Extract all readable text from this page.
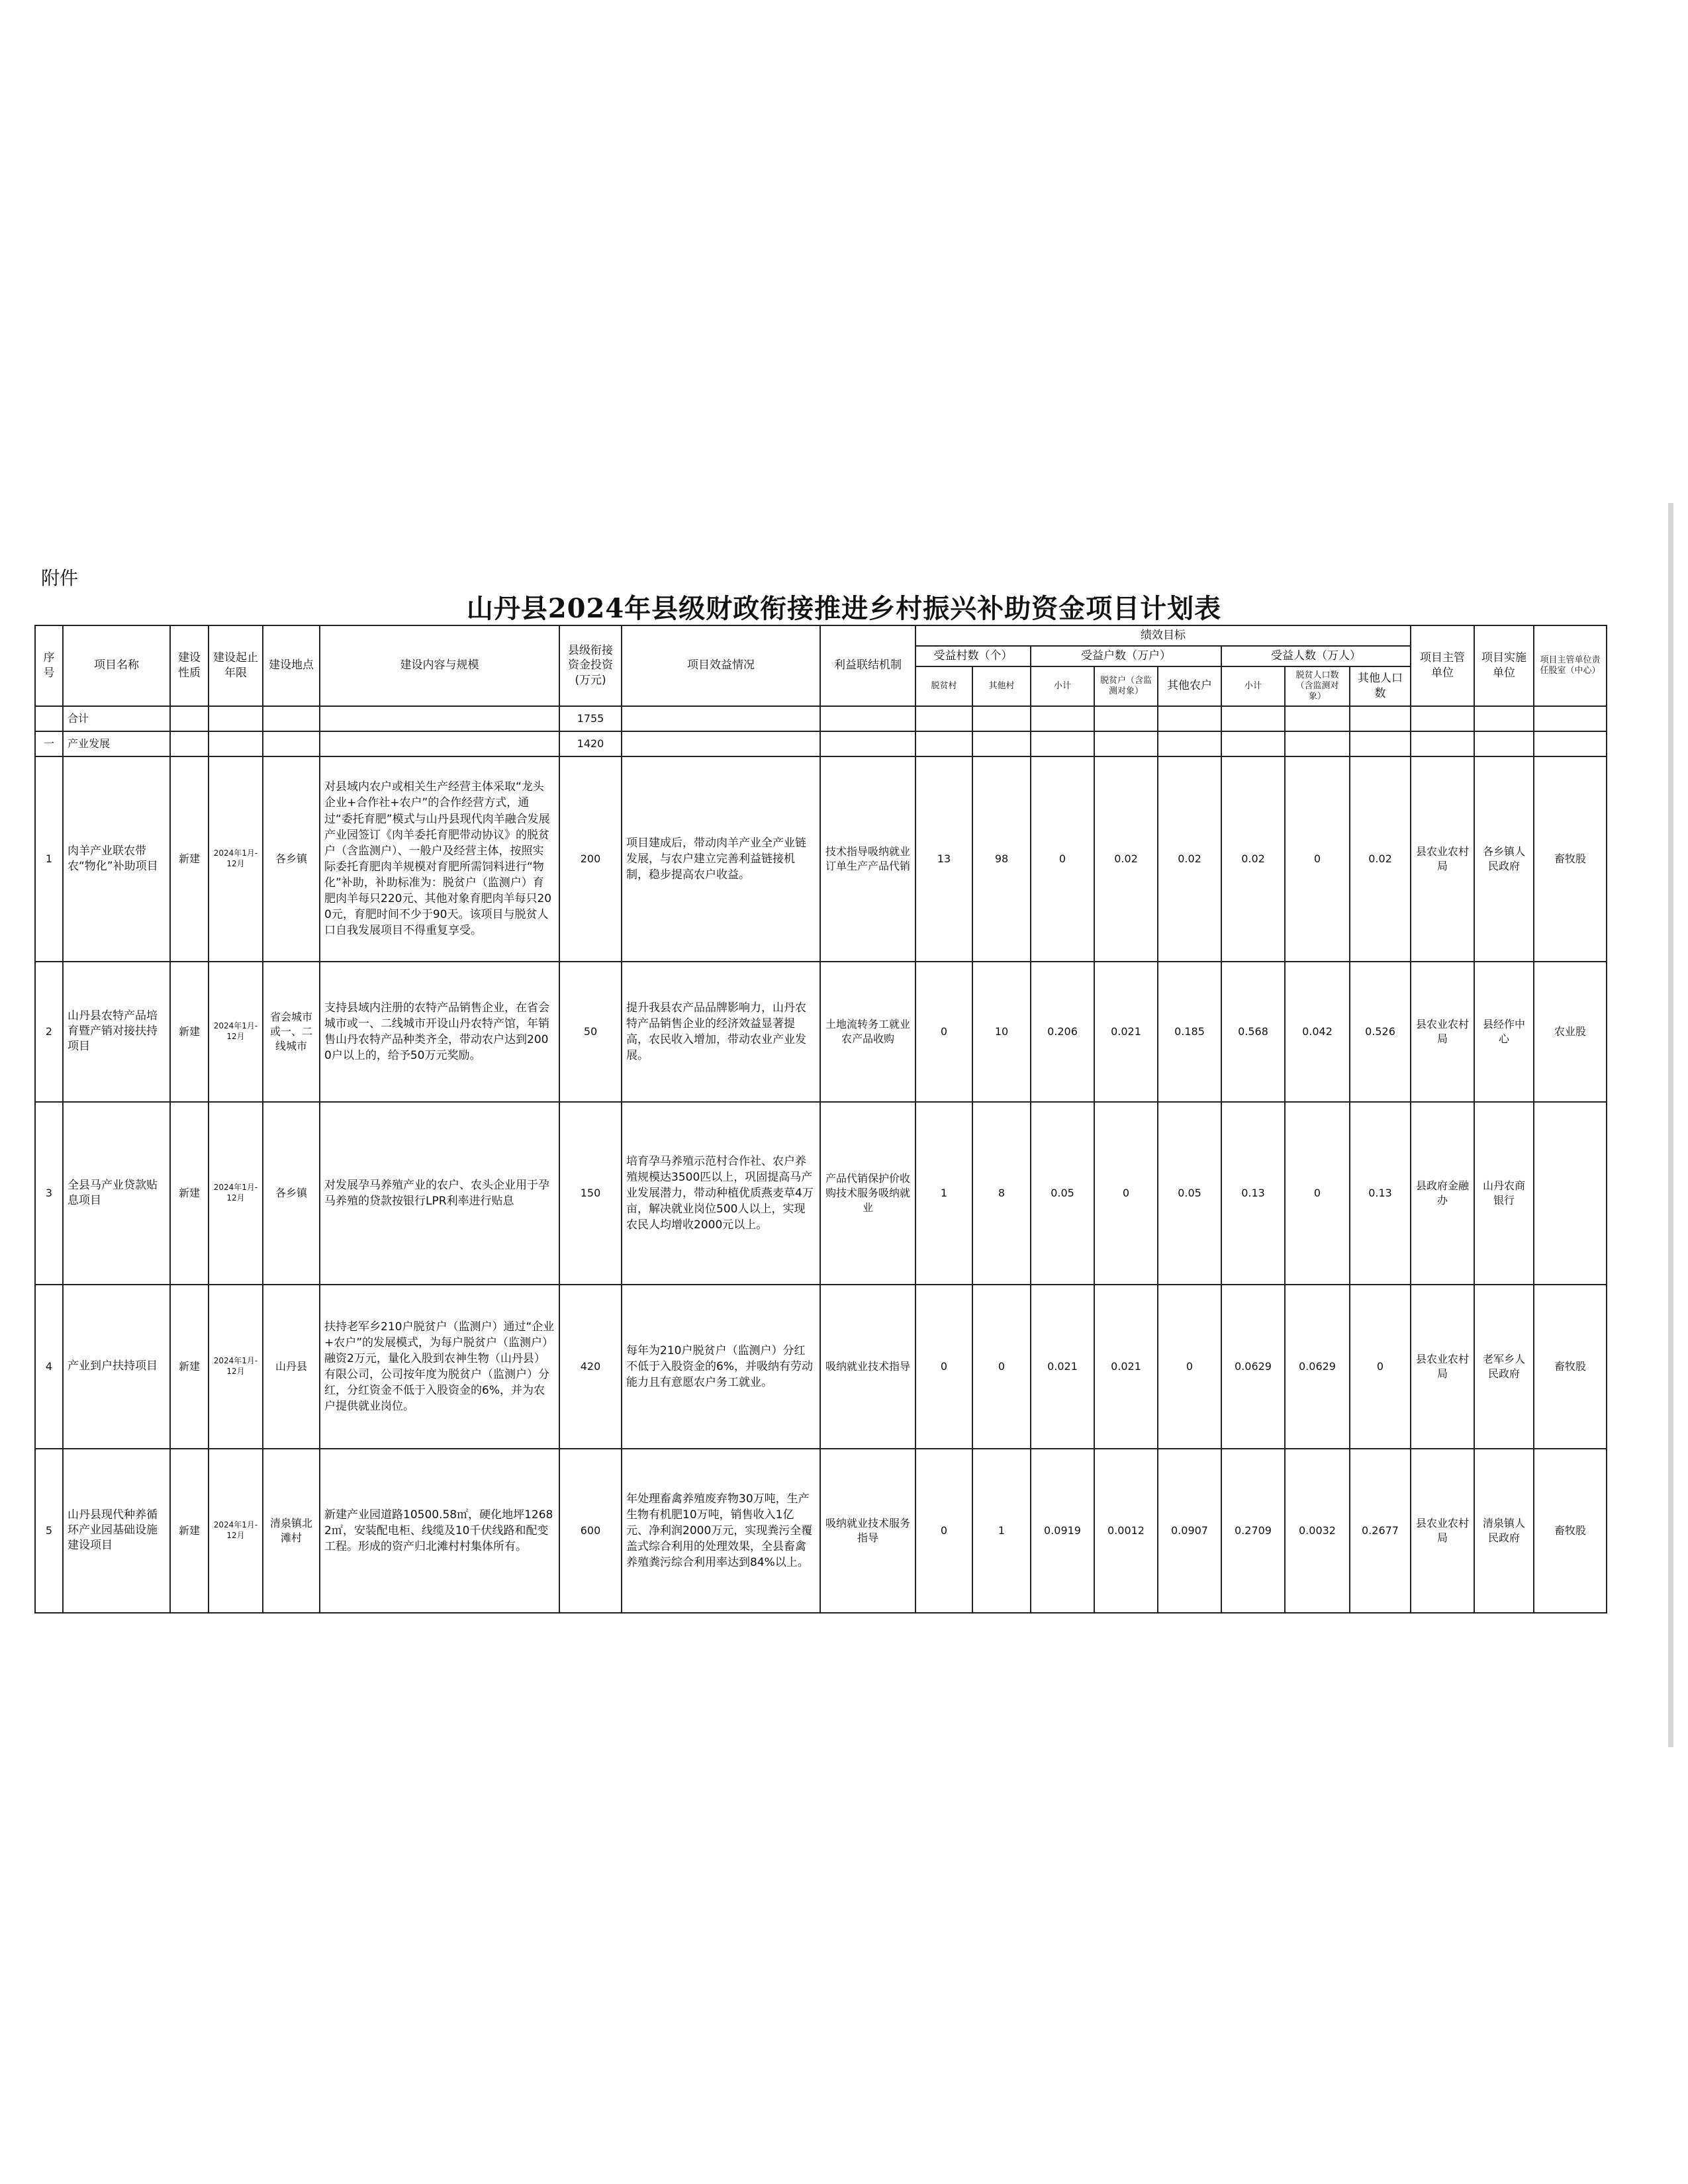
附件
山丹县2024年县级财政衔接推进乡村振兴补助资金项目计划表
序号	项目名称	建设性质	建设起止年限	建设地点	建设内容与规模	县级衔接资金投资(万元)	项目效益情况	利益联结机制	绩效目标								项目主管单位	项目实施单位	项目主管单位责任股室（中心）
									受益村数（个）		受益户数（万户）			受益人数（万人）					
									脱贫村	其他村	小计	脱贫户（含监测对象）	其他农户	小计	脱贫人口数（含监测对象）	其他人口数			
	合计					1755													
一	产业发展					1420													
1	肉羊产业联农带农“物化”补助项目	新建	2024年1月-12月	各乡镇	对县域内农户或相关生产经营主体采取“龙头企业+合作社+农户”的合作经营方式，通过“委托育肥”模式与山丹县现代肉羊融合发展产业园签订《肉羊委托育肥带动协议》的脱贫户（含监测户）、一般户及经营主体，按照实际委托育肥肉羊规模对育肥所需饲料进行“物化”补助，补助标准为：脱贫户（监测户）育肥肉羊每只220元、其他对象育肥肉羊每只200元，育肥时间不少于90天。该项目与脱贫人口自我发展项目不得重复享受。	200	项目建成后，带动肉羊产业全产业链发展，与农户建立完善利益链接机制，稳步提高农户收益。	技术指导吸纳就业订单生产产品代销	13	98	0	0.02	0.02	0.02	0	0.02	县农业农村局	各乡镇人民政府	畜牧股
2	山丹县农特产品培育暨产销对接扶持项目	新建	2024年1月-12月	省会城市或一、二线城市	支持县域内注册的农特产品销售企业，在省会城市或一、二线城市开设山丹农特产馆，年销售山丹农特产品种类齐全，带动农户达到2000户以上的，给予50万元奖励。	50	提升我县农产品品牌影响力，山丹农特产品销售企业的经济效益显著提高，农民收入增加，带动农业产业发展。	土地流转务工就业农产品收购	0	10	0.206	0.021	0.185	0.568	0.042	0.526	县农业农村局	县经作中心	农业股
3	全县马产业贷款贴息项目	新建	2024年1月-12月	各乡镇	对发展孕马养殖产业的农户、农头企业用于孕马养殖的贷款按银行LPR利率进行贴息	150	培育孕马养殖示范村合作社、农户养殖规模达3500匹以上，巩固提高马产业发展潜力，带动种植优质燕麦草4万亩，解决就业岗位500人以上，实现农民人均增收2000元以上。	产品代销保护价收购技术服务吸纳就业	1	8	0.05	0	0.05	0.13	0	0.13	县政府金融办	山丹农商银行	
4	产业到户扶持项目	新建	2024年1月-12月	山丹县	扶持老军乡210户脱贫户（监测户）通过“企业+农户”的发展模式，为每户脱贫户（监测户）融资2万元，量化入股到农神生物（山丹县）有限公司，公司按年度为脱贫户（监测户）分红，分红资金不低于入股资金的6%，并为农户提供就业岗位。	420	每年为210户脱贫户（监测户）分红不低于入股资金的6%，并吸纳有劳动能力且有意愿农户务工就业。	吸纳就业技术指导	0	0	0.021	0.021	0	0.0629	0.0629	0	县农业农村局	老军乡人民政府	畜牧股
5	山丹县现代种养循环产业园基础设施建设项目	新建	2024年1月-12月	清泉镇北滩村	新建产业园道路10500.58㎡，硬化地坪12682㎡，安装配电柜、线缆及10千伏线路和配变工程。形成的资产归北滩村村集体所有。	600	年处理畜禽养殖废弃物30万吨，生产生物有机肥10万吨，销售收入1亿元、净利润2000万元，实现粪污全覆盖式综合利用的处理效果，全县畜禽养殖粪污综合利用率达到84%以上。	吸纳就业技术服务指导	0	1	0.0919	0.0012	0.0907	0.2709	0.0032	0.2677	县农业农村局	清泉镇人民政府	畜牧股
